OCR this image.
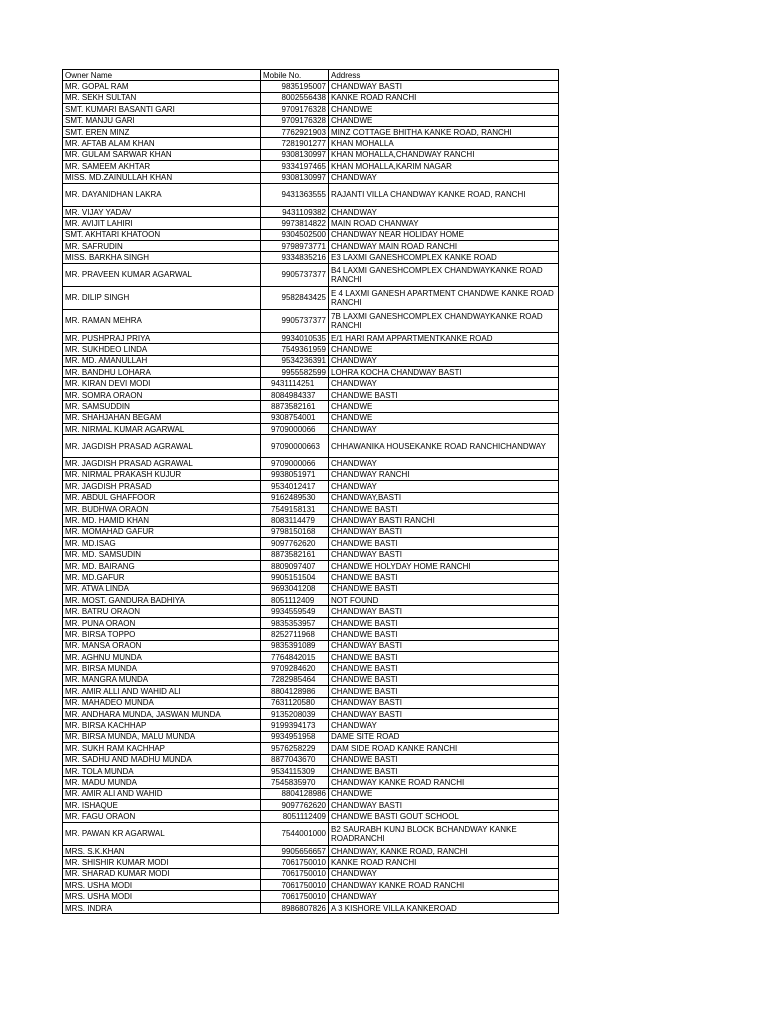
Owner Name	Mobile No.	Address
MR. GOPAL RAM	9835195007	CHANDWAY BASTI
MR. SEKH SULTAN	8002556438	KANKE ROAD RANCHI
SMT. KUMARI BASANTI GARI	9709176328	CHANDWE
SMT. MANJU GARI	9709176328	CHANDWE
SMT. EREN MINZ	7762921903	MINZ COTTAGE BHITHA KANKE ROAD, RANCHI
MR. AFTAB ALAM KHAN	7281901277	KHAN MOHALLA
MR. GULAM SARWAR KHAN	9308130997	KHAN MOHALLA,CHANDWAY RANCHI
MR. SAMEEM AKHTAR	9334197465	KHAN MOHALLA,KARIM NAGAR
MISS. MD.ZAINULLAH KHAN	9308130997	CHANDWAY
MR. DAYANIDHAN LAKRA	9431363555	RAJANTI VILLA CHANDWAY KANKE ROAD, RANCHI
MR. VIJAY YADAV	9431109382	CHANDWAY
MR. AVIJIT LAHIRI	9973814822	MAIN ROAD CHANWAY
SMT. AKHTARI KHATOON	9304502500	CHANDWAY NEAR HOLIDAY HOME
MR. SAFRUDIN	9798973771	CHANDWAY MAIN ROAD RANCHI
MISS. BARKHA SINGH	9334835216	E3 LAXMI GANESHCOMPLEX KANKE ROAD
MR. PRAVEEN KUMAR AGARWAL	9905737377	B4 LAXMI GANESHCOMPLEX CHANDWAYKANKE ROAD RANCHI
MR. DILIP SINGH	9582843425	E 4 LAXMI GANESH APARTMENT CHANDWE KANKE ROAD RANCHI
MR. RAMAN MEHRA	9905737377	7B LAXMI GANESHCOMPLEX CHANDWAYKANKE ROAD RANCHI
MR. PUSHPRAJ PRIYA	9934010535	E/1 HARI RAM APPARTMENTKANKE ROAD
MR. SUKHDEO LINDA	7549361959	CHANDWE
MR. MD. AMANULLAH	9534236391	CHANDWAY
MR. BANDHU LOHARA	9955582599	LOHRA KOCHA CHANDWAY BASTI
MR. KIRAN DEVI MODI	9431114251	CHANDWAY
MR. SOMRA ORAON	8084984337	CHANDWE BASTI
MR. SAMSUDDIN	8873582161	CHANDWE
MR. SHAHJAHAN BEGAM	9308754001	CHANDWE
MR. NIRMAL KUMAR AGARWAL	9709000066	CHANDWAY
MR. JAGDISH PRASAD AGRAWAL	97090000663	CHHAWANIKA HOUSEKANKE ROAD RANCHICHANDWAY
MR. JAGDISH PRASAD AGRAWAL	9709000066	CHANDWAY
MR. NIRMAL PRAKASH KUJUR	9938051971	CHANDWAY RANCHI
MR. JAGDISH PRASAD	9534012417	CHANDWAY
MR. ABDUL GHAFFOOR	9162489530	CHANDWAY,BASTI
MR. BUDHWA ORAON	7549158131	CHANDWE BASTI
MR. MD. HAMID KHAN	8083114479	CHANDWAY BASTI RANCHI
MR. MOMAHAD GAFUR	9798150168	CHANDWAY BASTI
MR. MD.ISAG	9097762620	CHANDWE BASTI
MR. MD. SAMSUDIN	8873582161	CHANDWAY BASTI
MR. MD. BAIRANG	8809097407	CHANDWE HOLYDAY HOME RANCHI
MR. MD.GAFUR	9905151504	CHANDWE BASTI
MR. ATWA LINDA	9693041208	CHANDWE BASTI
MR. MOST. GANDURA BADHIYA	8051112409	NOT FOUND
MR. BATRU ORAON	9934559549	CHANDWAY BASTI
MR. PUNA ORAON	9835353957	CHANDWE BASTI
MR. BIRSA TOPPO	8252711968	CHANDWE BASTI
MR. MANSA ORAON	9835391089	CHANDWAY BASTI
MR. AGHNU MUNDA	7764842015	CHANDWE BASTI
MR. BIRSA MUNDA	9709284620	CHANDWE BASTI
MR. MANGRA MUNDA	7282985464	CHANDWE BASTI
MR. AMIR ALLI AND WAHID ALI	8804128986	CHANDWE BASTI
MR. MAHADEO MUNDA	7631120580	CHANDWAY BASTI
MR. ANDHARA MUNDA, JASWAN MUNDA	9135208039	CHANDWAY BASTI
MR. BIRSA KACHHAP	9199394173	CHANDWAY
MR. BIRSA MUNDA, MALU MUNDA	9934951958	DAME SITE ROAD
MR. SUKH RAM KACHHAP	9576258229	DAM SIDE ROAD KANKE RANCHI
MR. SADHU AND MADHU MUNDA	8877043670	CHANDWE BASTI
MR. TOLA MUNDA	9534115309	CHANDWE BASTI
MR. MADU MUNDA	7545835970	CHANDWAY KANKE ROAD RANCHI
MR. AMIR ALI AND WAHID	8804128986	CHANDWE
MR. ISHAQUE	9097762620	CHANDWAY BASTI
MR. FAGU ORAON	8051112409	CHANDWE BASTI GOUT SCHOOL
MR. PAWAN KR AGARWAL	7544001000	B2 SAURABH KUNJ BLOCK BCHANDWAY KANKE ROADRANCHI
MRS. S.K.KHAN	9905656657	CHANDWAY, KANKE ROAD, RANCHI
MR. SHISHIR KUMAR MODI	7061750010	KANKE ROAD RANCHI
MR. SHARAD KUMAR MODI	7061750010	CHANDWAY
MRS. USHA MODI	7061750010	CHANDWAY KANKE ROAD RANCHI
MRS. USHA MODI	7061750010	CHANDWAY
MRS. INDRA	8986807826	A 3 KISHORE VILLA KANKEROAD
